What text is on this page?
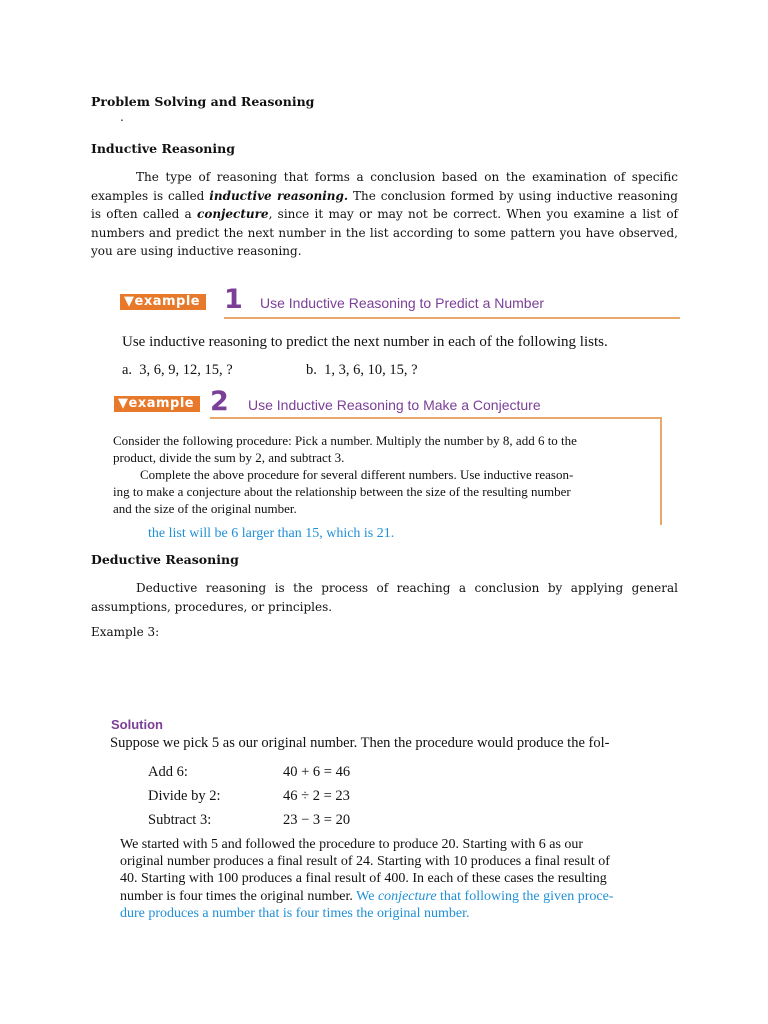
Problem Solving and Reasoning
.
Inductive Reasoning
The type of reasoning that forms a conclusion based on the examination of specific examples is called inductive reasoning. The conclusion formed by using inductive reasoning is often called a conjecture, since it may or may not be correct. When you examine a list of numbers and predict the next number in the list according to some pattern you have observed, you are using inductive reasoning.
▼example 1 Use Inductive Reasoning to Predict a Number
Use inductive reasoning to predict the next number in each of the following lists.
a.  3, 6, 9, 12, 15, ?	b.  1, 3, 6, 10, 15, ?
▼example 2 Use Inductive Reasoning to Make a Conjecture
Consider the following procedure: Pick a number. Multiply the number by 8, add 6 to the
product, divide the sum by 2, and subtract 3.
Complete the above procedure for several different numbers. Use inductive reason-
ing to make a conjecture about the relationship between the size of the resulting number
and the size of the original number.
the list will be 6 larger than 15, which is 21.
Deductive Reasoning
Deductive reasoning is the process of reaching a conclusion by applying general assumptions, procedures, or principles.
Example 3:
Solution
Suppose we pick 5 as our original number. Then the procedure would produce the fol-
Add 6:	40 + 6 = 46
Divide by 2:	46 ÷ 2 = 23
Subtract 3:	23 − 3 = 20
We started with 5 and followed the procedure to produce 20. Starting with 6 as our
original number produces a final result of 24. Starting with 10 produces a final result of
40. Starting with 100 produces a final result of 400. In each of these cases the resulting
number is four times the original number. We conjecture that following the given proce-
dure produces a number that is four times the original number.
